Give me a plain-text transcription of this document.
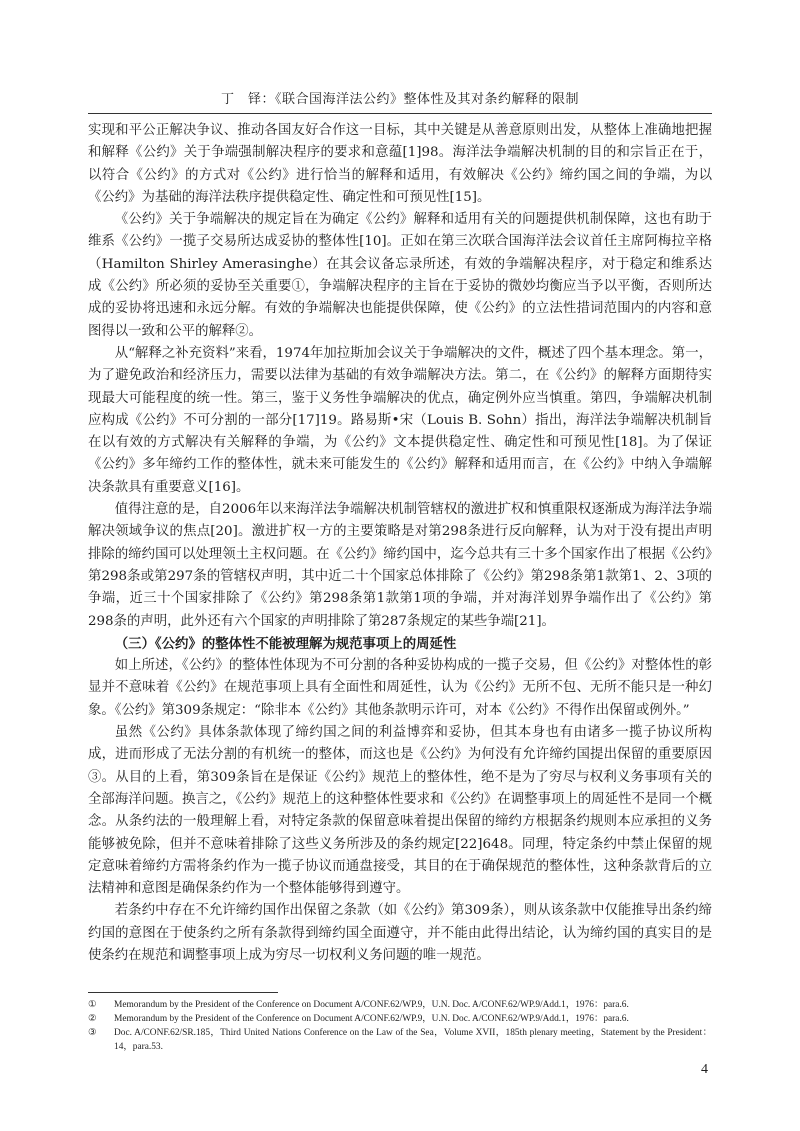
丁　铎：《联合国海洋法公约》整体性及其对条约解释的限制

实现和平公正解决争议、推动各国友好合作这一目标，其中关键是从善意原则出发，从整体上准确地把握和解释《公约》关于争端强制解决程序的要求和意蕴[1]98。海洋法争端解决机制的目的和宗旨正在于，以符合《公约》的方式对《公约》进行恰当的解释和适用，有效解决《公约》缔约国之间的争端，为以《公约》为基础的海洋法秩序提供稳定性、确定性和可预见性[15]。

《公约》关于争端解决的规定旨在为确定《公约》解释和适用有关的问题提供机制保障，这也有助于维系《公约》一揽子交易所达成妥协的整体性[10]。正如在第三次联合国海洋法会议首任主席阿梅拉辛格（Hamilton Shirley Amerasinghe）在其会议备忘录所述，有效的争端解决程序，对于稳定和维系达成《公约》所必须的妥协至关重要①，争端解决程序的主旨在于妥协的微妙均衡应当予以平衡，否则所达成的妥协将迅速和永远分解。有效的争端解决也能提供保障，使《公约》的立法性措词范围内的内容和意图得以一致和公平的解释②。

从“解释之补充资料”来看，1974年加拉斯加会议关于争端解决的文件，概述了四个基本理念。第一，为了避免政治和经济压力，需要以法律为基础的有效争端解决方法。第二，在《公约》的解释方面期待实现最大可能程度的统一性。第三，鉴于义务性争端解决的优点，确定例外应当慎重。第四，争端解决机制应构成《公约》不可分割的一部分[17]19。路易斯•宋（Louis B. Sohn）指出，海洋法争端解决机制旨在以有效的方式解决有关解释的争端，为《公约》文本提供稳定性、确定性和可预见性[18]。为了保证《公约》多年缔约工作的整体性，就未来可能发生的《公约》解释和适用而言，在《公约》中纳入争端解决条款具有重要意义[16]。

值得注意的是，自2006年以来海洋法争端解决机制管辖权的激进扩权和慎重限权逐渐成为海洋法争端解决领域争议的焦点[20]。激进扩权一方的主要策略是对第298条进行反向解释，认为对于没有提出声明排除的缔约国可以处理领土主权问题。在《公约》缔约国中，迄今总共有三十多个国家作出了根据《公约》第298条或第297条的管辖权声明，其中近二十个国家总体排除了《公约》第298条第1款第1、2、3项的争端，近三十个国家排除了《公约》第298条第1款第1项的争端，并对海洋划界争端作出了《公约》第298条的声明，此外还有六个国家的声明排除了第287条规定的某些争端[21]。

（三）《公约》的整体性不能被理解为规范事项上的周延性

如上所述，《公约》的整体性体现为不可分割的各种妥协构成的一揽子交易，但《公约》对整体性的彰显并不意味着《公约》在规范事项上具有全面性和周延性，认为《公约》无所不包、无所不能只是一种幻象。《公约》第309条规定：“除非本《公约》其他条款明示许可，对本《公约》不得作出保留或例外。”

虽然《公约》具体条款体现了缔约国之间的利益博弈和妥协，但其本身也有由诸多一揽子协议所构成，进而形成了无法分割的有机统一的整体，而这也是《公约》为何没有允许缔约国提出保留的重要原因③。从目的上看，第309条旨在是保证《公约》规范上的整体性，绝不是为了穷尽与权利义务事项有关的全部海洋问题。换言之，《公约》规范上的这种整体性要求和《公约》在调整事项上的周延性不是同一个概念。从条约法的一般理解上看，对特定条款的保留意味着提出保留的缔约方根据条约规则本应承担的义务能够被免除，但并不意味着排除了这些义务所涉及的条约规定[22]648。同理，特定条约中禁止保留的规定意味着缔约方需将条约作为一揽子协议而通盘接受，其目的在于确保规范的整体性，这种条款背后的立法精神和意图是确保条约作为一个整体能够得到遵守。

若条约中存在不允许缔约国作出保留之条款（如《公约》第309条），则从该条款中仅能推导出条约缔约国的意图在于使条约之所有条款得到缔约国全面遵守，并不能由此得出结论，认为缔约国的真实目的是使条约在规范和调整事项上成为穷尽一切权利义务问题的唯一规范。

①	Memorandum by the President of the Conference on Document A/CONF.62/WP.9，U.N. Doc. A/CONF.62/WP.9/Add.1，1976：para.6.
②	Memorandum by the President of the Conference on Document A/CONF.62/WP.9，U.N. Doc. A/CONF.62/WP.9/Add.1，1976：para.6.
③	Doc. A/CONF.62/SR.185，Third United Nations Conference on the Law of the Sea，Volume XVII，185th plenary meeting，Statement by the President：14，para.53.
4
